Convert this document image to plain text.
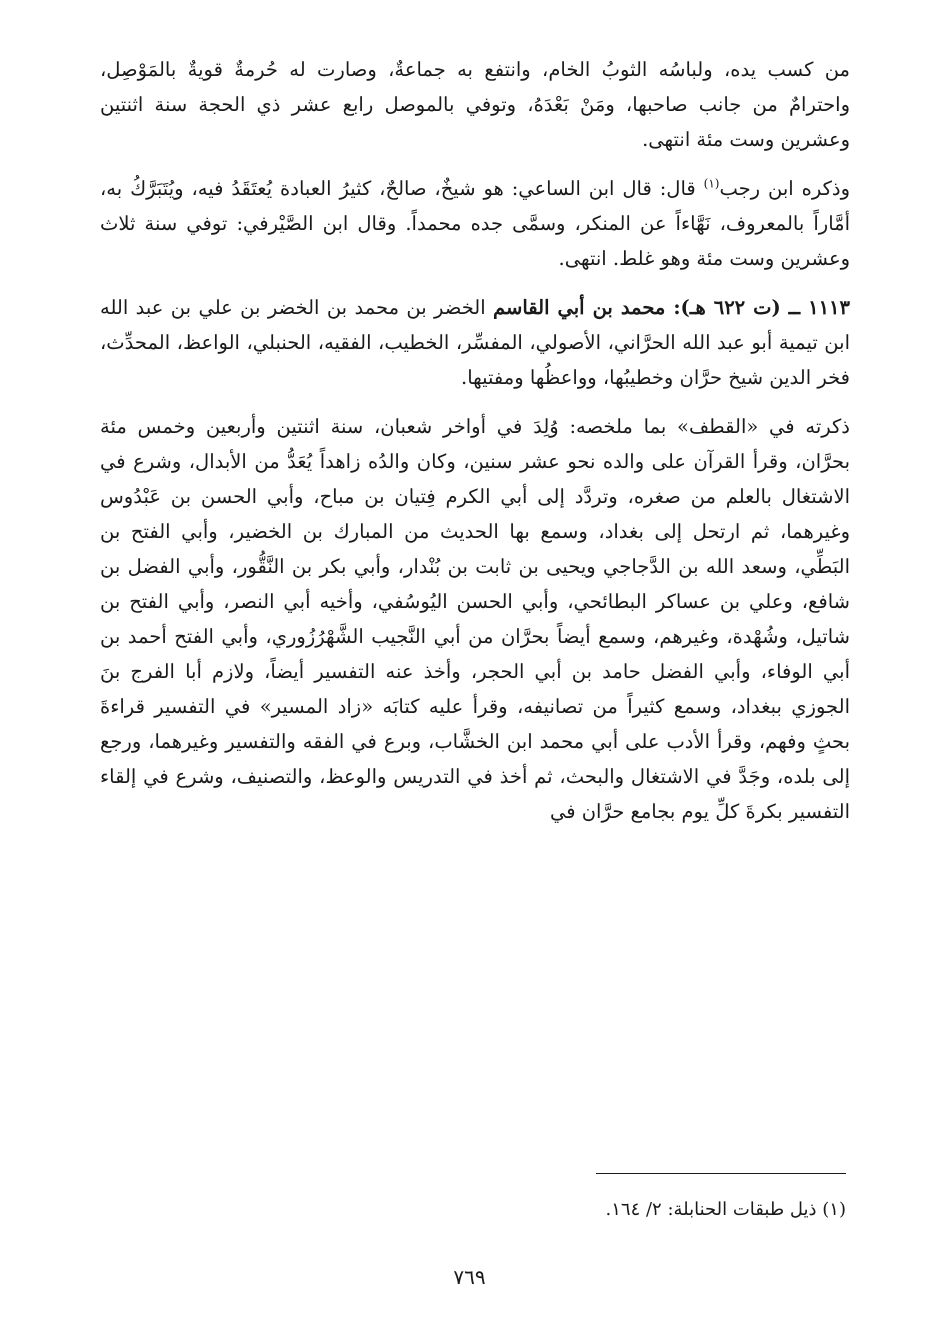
من كسب يده، ولباسُه الثوبُ الخام، وانتفع به جماعةٌ، وصارت له حُرمةٌ قويةٌ بالمَوْصِل، واحترامٌ من جانب صاحبها، ومَنْ بَعْدَهُ، وتوفي بالموصل رابع عشر ذي الحجة سنة اثنتين وعشرين وست مئة انتهى.

وذكره ابن رجب$^{(١)}$ قال: قال ابن الساعي: هو شيخٌ، صالحٌ، كثيرُ العبادة يُعتَقَدُ فيه، ويُتَبَرَّكُ به، أمَّاراً بالمعروف، نَهَّاءاً عن المنكر، وسمَّى جده محمداً. وقال ابن الصَّيْرفي: توفي سنة ثلاث وعشرين وست مئة وهو غلط. انتهى.

١١١٣ ــ (ت ٦٢٢ هـ): محمد بن أبي القاسم الخضر بن محمد بن الخضر بن علي بن عبد الله ابن تيمية أبو عبد الله الحرَّاني، الأصولي، المفسِّر، الخطيب، الفقيه، الحنبلي، الواعظ، المحدِّث، فخر الدين شيخ حرَّان وخطيبُها، وواعظُها ومفتيها.

ذكرته في «القطف» بما ملخصه: وُلِدَ في أواخر شعبان، سنة اثنتين وأربعين وخمس مئة بحرَّان، وقرأ القرآن على والده نحو عشر سنين، وكان والدُه زاهداً يُعَدُّ من الأبدال، وشرع في الاشتغال بالعلم من صغره، وتردَّد إلى أبي الكرم فِتيان بن مباح، وأبي الحسن بن عَبْدُوس وغيرهما، ثم ارتحل إلى بغداد، وسمع بها الحديث من المبارك بن الخضير، وأبي الفتح بن البَطِّي، وسعد الله بن الدَّجاجي ويحيى بن ثابت بن بُنْدار، وأبي بكر بن النَّقُّور، وأبي الفضل بن شافع، وعلي بن عساكر البطائحي، وأبي الحسن اليُوسُفي، وأخيه أبي النصر، وأبي الفتح بن شاتيل، وشُهْدة، وغيرهم، وسمع أيضاً بحرَّان من أبي النَّجيب الشَّهْرُزُوري، وأبي الفتح أحمد بن أبي الوفاء، وأبي الفضل حامد بن أبي الحجر، وأخذ عنه التفسير أيضاً، ولازم أبا الفرج بنَ الجوزي ببغداد، وسمع كثيراً من تصانيفه، وقرأ عليه كتابَه «زاد المسير» في التفسير قراءةَ بحثٍ وفهم، وقرأ الأدب على أبي محمد ابن الخشَّاب، وبرع في الفقه والتفسير وغيرهما، ورجع إلى بلده، وجَدَّ في الاشتغال والبحث، ثم أخذ في التدريس والوعظ، والتصنيف، وشرع في إلقاء التفسير بكرةَ كلِّ يوم بجامع حرَّان في

(١) ذيل طبقات الحنابلة: ٢/ ١٦٤.
٧٦٩
